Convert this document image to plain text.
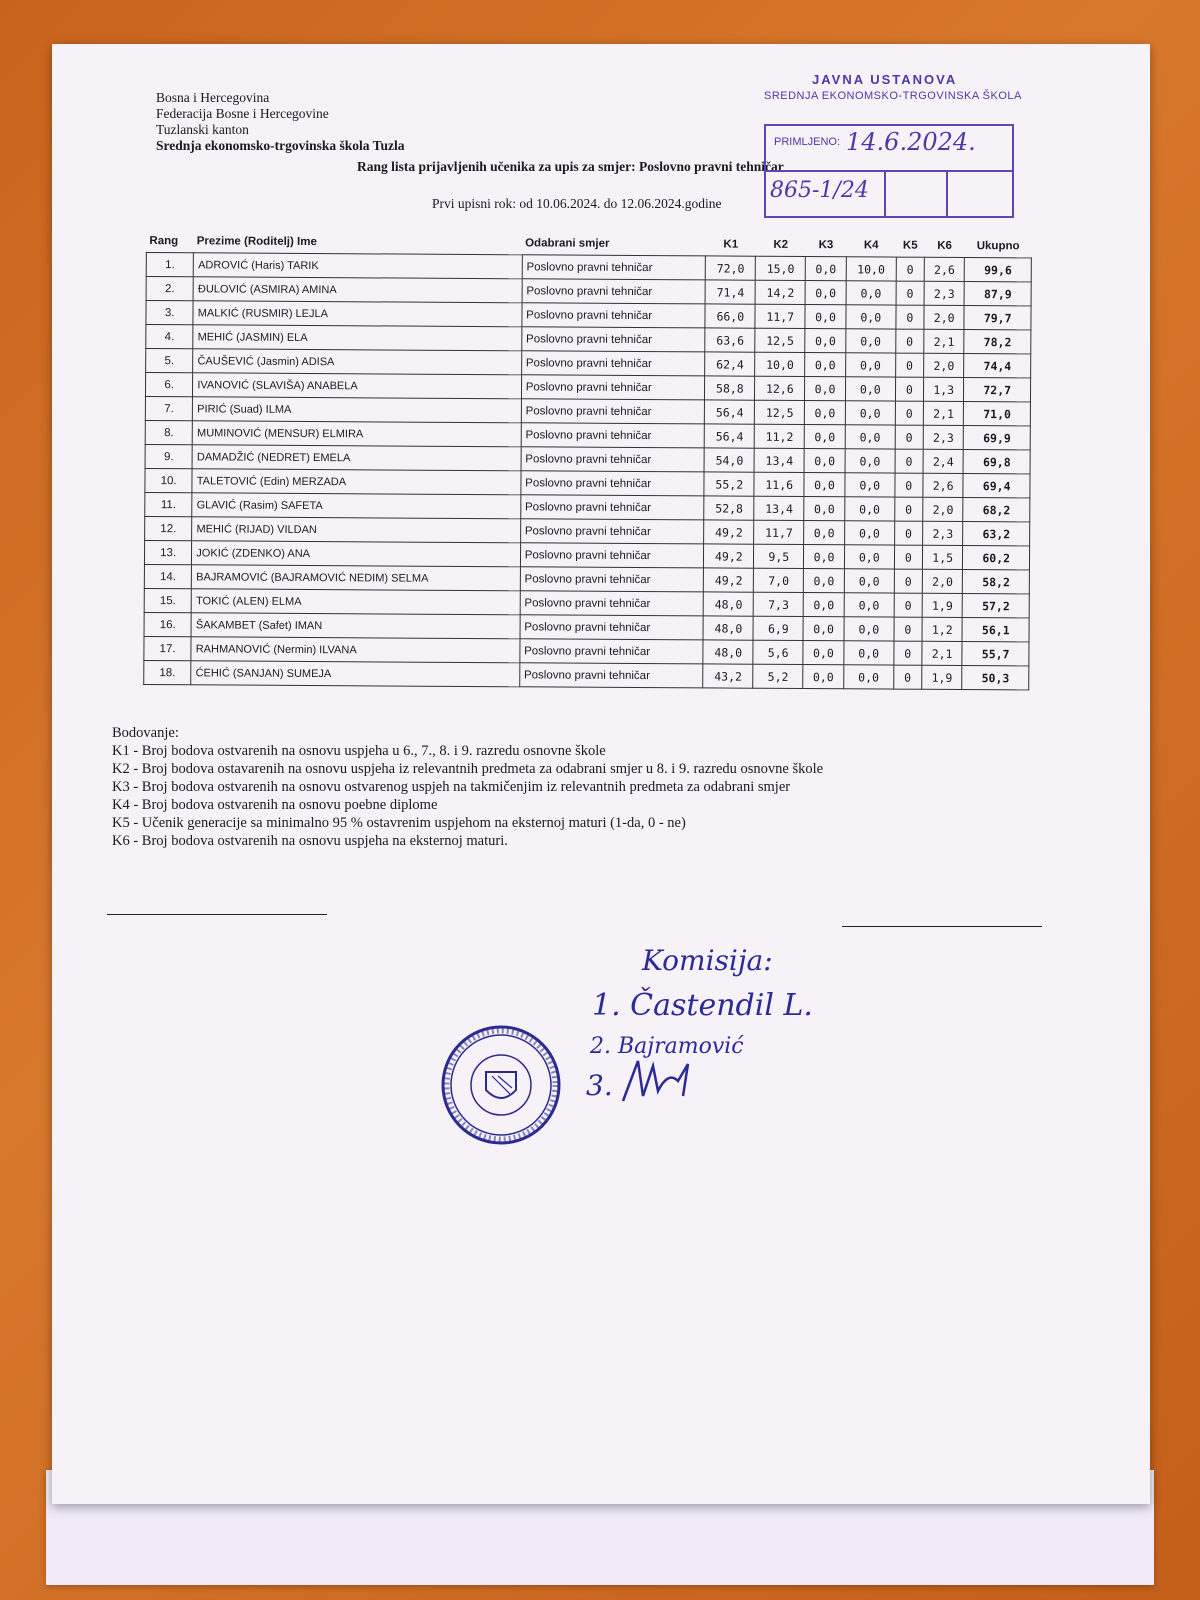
Bosna i Hercegovina
Federacija Bosne i Hercegovine
Tuzlanski kanton
Srednja ekonomsko-trgovinska škola Tuzla
Rang lista prijavljenih učenika za upis za smjer: Poslovno pravni tehničar
Prvi upisni rok: od 10.06.2024. do 12.06.2024.godine
JAVNA USTANOVA
SREDNJA EKONOMSKO-TRGOVINSKA ŠKOLA
PRIMLJENO: 14.6.2024.
865-1/24
Rang	Prezime (Roditelj) Ime	Odabrani smjer	K1	K2	K3	K4	K5	K6	Ukupno
1.	ADROVIĆ (Haris) TARIK	Poslovno pravni tehničar	72,0	15,0	0,0	10,0	0	2,6	99,6
2.	ĐULOVIĆ (ASMIRA) AMINA	Poslovno pravni tehničar	71,4	14,2	0,0	0,0	0	2,3	87,9
3.	MALKIĆ (RUSMIR) LEJLA	Poslovno pravni tehničar	66,0	11,7	0,0	0,0	0	2,0	79,7
4.	MEHIĆ (JASMIN) ELA	Poslovno pravni tehničar	63,6	12,5	0,0	0,0	0	2,1	78,2
5.	ČAUŠEVIĆ (Jasmin) ADISA	Poslovno pravni tehničar	62,4	10,0	0,0	0,0	0	2,0	74,4
6.	IVANOVIĆ (SLAVIŠA) ANABELA	Poslovno pravni tehničar	58,8	12,6	0,0	0,0	0	1,3	72,7
7.	PIRIĆ (Suad) ILMA	Poslovno pravni tehničar	56,4	12,5	0,0	0,0	0	2,1	71,0
8.	MUMINOVIĆ (MENSUR) ELMIRA	Poslovno pravni tehničar	56,4	11,2	0,0	0,0	0	2,3	69,9
9.	DAMADŽIĆ (NEDRET) EMELA	Poslovno pravni tehničar	54,0	13,4	0,0	0,0	0	2,4	69,8
10.	TALETOVIĆ (Edin) MERZADA	Poslovno pravni tehničar	55,2	11,6	0,0	0,0	0	2,6	69,4
11.	GLAVIĆ (Rasim) SAFETA	Poslovno pravni tehničar	52,8	13,4	0,0	0,0	0	2,0	68,2
12.	MEHIĆ (RIJAD) VILDAN	Poslovno pravni tehničar	49,2	11,7	0,0	0,0	0	2,3	63,2
13.	JOKIĆ (ZDENKO) ANA	Poslovno pravni tehničar	49,2	9,5	0,0	0,0	0	1,5	60,2
14.	BAJRAMOVIĆ (BAJRAMOVIĆ NEDIM) SELMA	Poslovno pravni tehničar	49,2	7,0	0,0	0,0	0	2,0	58,2
15.	TOKIĆ (ALEN) ELMA	Poslovno pravni tehničar	48,0	7,3	0,0	0,0	0	1,9	57,2
16.	ŠAKAMBET (Safet) IMAN	Poslovno pravni tehničar	48,0	6,9	0,0	0,0	0	1,2	56,1
17.	RAHMANOVIĆ (Nermin) ILVANA	Poslovno pravni tehničar	48,0	5,6	0,0	0,0	0	2,1	55,7
18.	ĆEHIĆ (SANJAN) SUMEJA	Poslovno pravni tehničar	43,2	5,2	0,0	0,0	0	1,9	50,3
Bodovanje:
K1 - Broj bodova ostvarenih na osnovu uspjeha u 6., 7., 8. i 9. razredu osnovne škole
K2 - Broj bodova ostavarenih na osnovu uspjeha iz relevantnih predmeta za odabrani smjer u 8. i 9. razredu osnovne škole
K3 - Broj bodova ostvarenih na osnovu ostvarenog uspjeh na takmičenjim iz relevantnih predmeta za odabrani smjer
K4 - Broj bodova ostvarenih na osnovu poebne diplome
K5 - Učenik generacije sa minimalno 95 % ostavrenim uspjehom na eksternoj maturi (1-da, 0 - ne)
K6 - Broj bodova ostvarenih na osnovu uspjeha na eksternoj maturi.
Komisija:
1. Častendil L.
2. Bajramović
3.
